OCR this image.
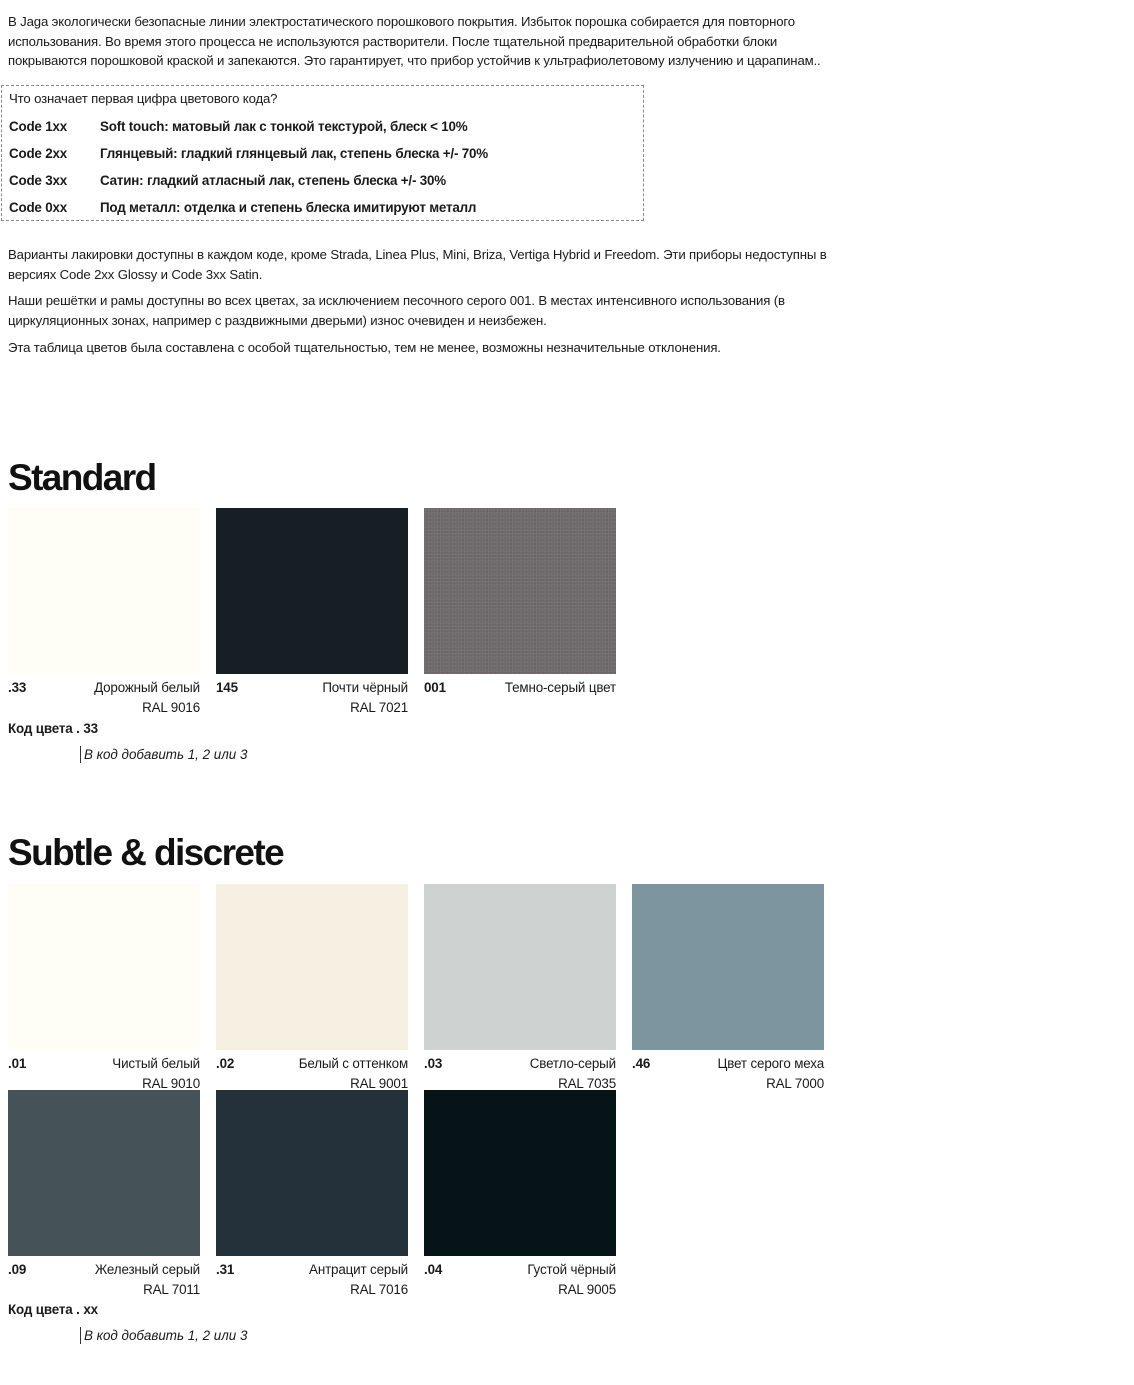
В Jaga экологически безопасные линии электростатического порошкового покрытия. Избыток порошка собирается для повторного использования. Во время этого процесса не используются растворители. После тщательной предварительной обработки блоки покрываются порошковой краской и запекаются. Это гарантирует, что прибор устойчив к ультрафиолетовому излучению и царапинам..

Что означает первая цифра цветового кода?
Code 1xx	Soft touch: матовый лак с тонкой текстурой, блеск < 10%
Code 2xx	Глянцевый: гладкий глянцевый лак, степень блеска +/- 70%
Code 3xx	Сатин: гладкий атласный лак, степень блеска +/- 30%
Code 0xx	Под металл: отделка и степень блеска имитируют металл

Варианты лакировки доступны в каждом коде, кроме Strada, Linea Plus, Mini, Briza, Vertiga Hybrid и Freedom. Эти приборы недоступны в версиях Code 2xx Glossy и Code 3xx Satin.

Наши решётки и рамы доступны во всех цветах, за исключением песочного серого 001. В местах интенсивного использования (в циркуляционных зонах, например с раздвижными дверьми) износ очевиден и неизбежен.

Эта таблица цветов была составлена с особой тщательностью, тем не менее, возможны незначительные отклонения.

Standard
.33	Дорожный белый
RAL 9016
145	Почти чёрный
RAL 7021
001	Темно-серый цвет
Код цвета . 33
В код добавить 1, 2 или 3
Subtle & discrete
.01	Чистый белый
RAL 9010
.02	Белый с оттенком
RAL 9001
.03	Светло-серый
RAL 7035
.46	Цвет серого меха
RAL 7000
.09	Железный серый
RAL 7011
.31	Антрацит серый
RAL 7016
.04	Густой чёрный
RAL 9005
Код цвета . xx
В код добавить 1, 2 или 3
